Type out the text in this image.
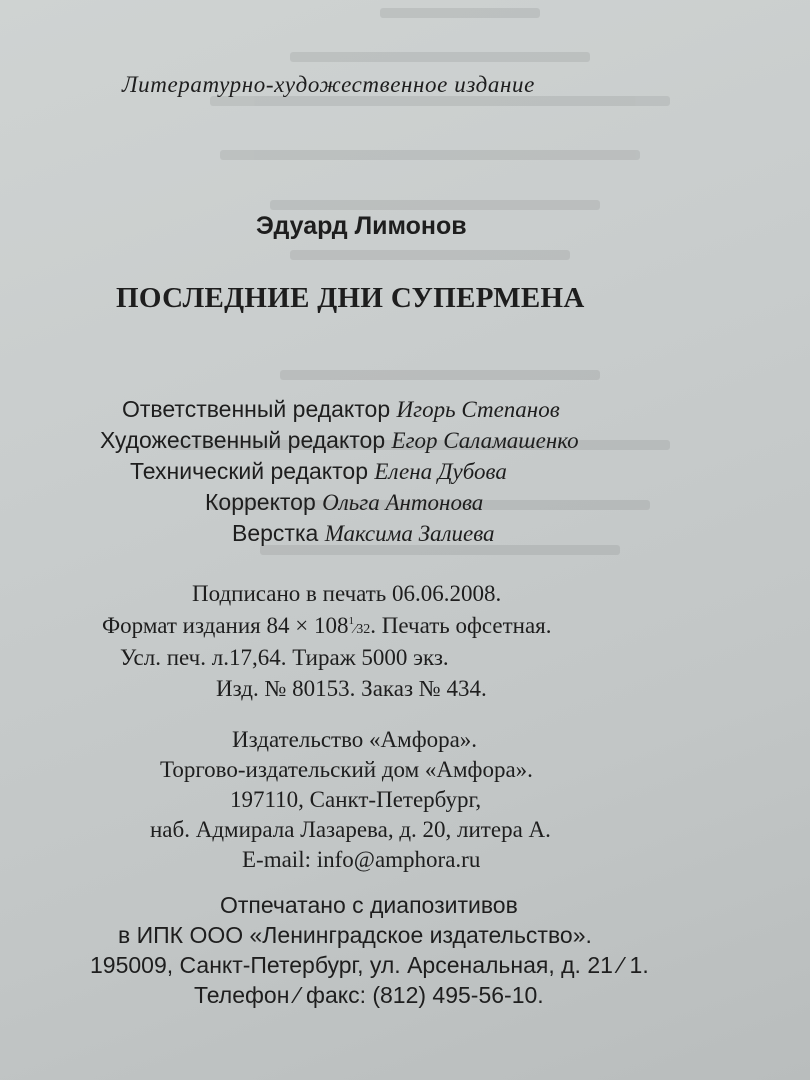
Литературно-художественное издание
Эдуард Лимонов
ПОСЛЕДНИЕ ДНИ СУПЕРМЕНА
Ответственный редактор Игорь Степанов
Художественный редактор Егор Саламашенко
Технический редактор Елена Дубова
Корректор Ольга Антонова
Верстка Максима Залиева
Подписано в печать 06.06.2008.
Формат издания $84 \times 108^1⁄32$. Печать офсетная.
Усл. печ. л.17,64. Тираж 5000 экз.
Изд. № 80153. Заказ № 434.
Издательство «Амфора».
Торгово-издательский дом «Амфора».
197110, Санкт-Петербург,
наб. Адмирала Лазарева, д. 20, литера А.
E-mail: info@amphora.ru
Отпечатано с диапозитивов
в ИПК ООО «Ленинградское издательство».
195009, Санкт-Петербург, ул. Арсенальная, д. 21 ⁄ 1.
Телефон ⁄ факс: (812) 495-56-10.
